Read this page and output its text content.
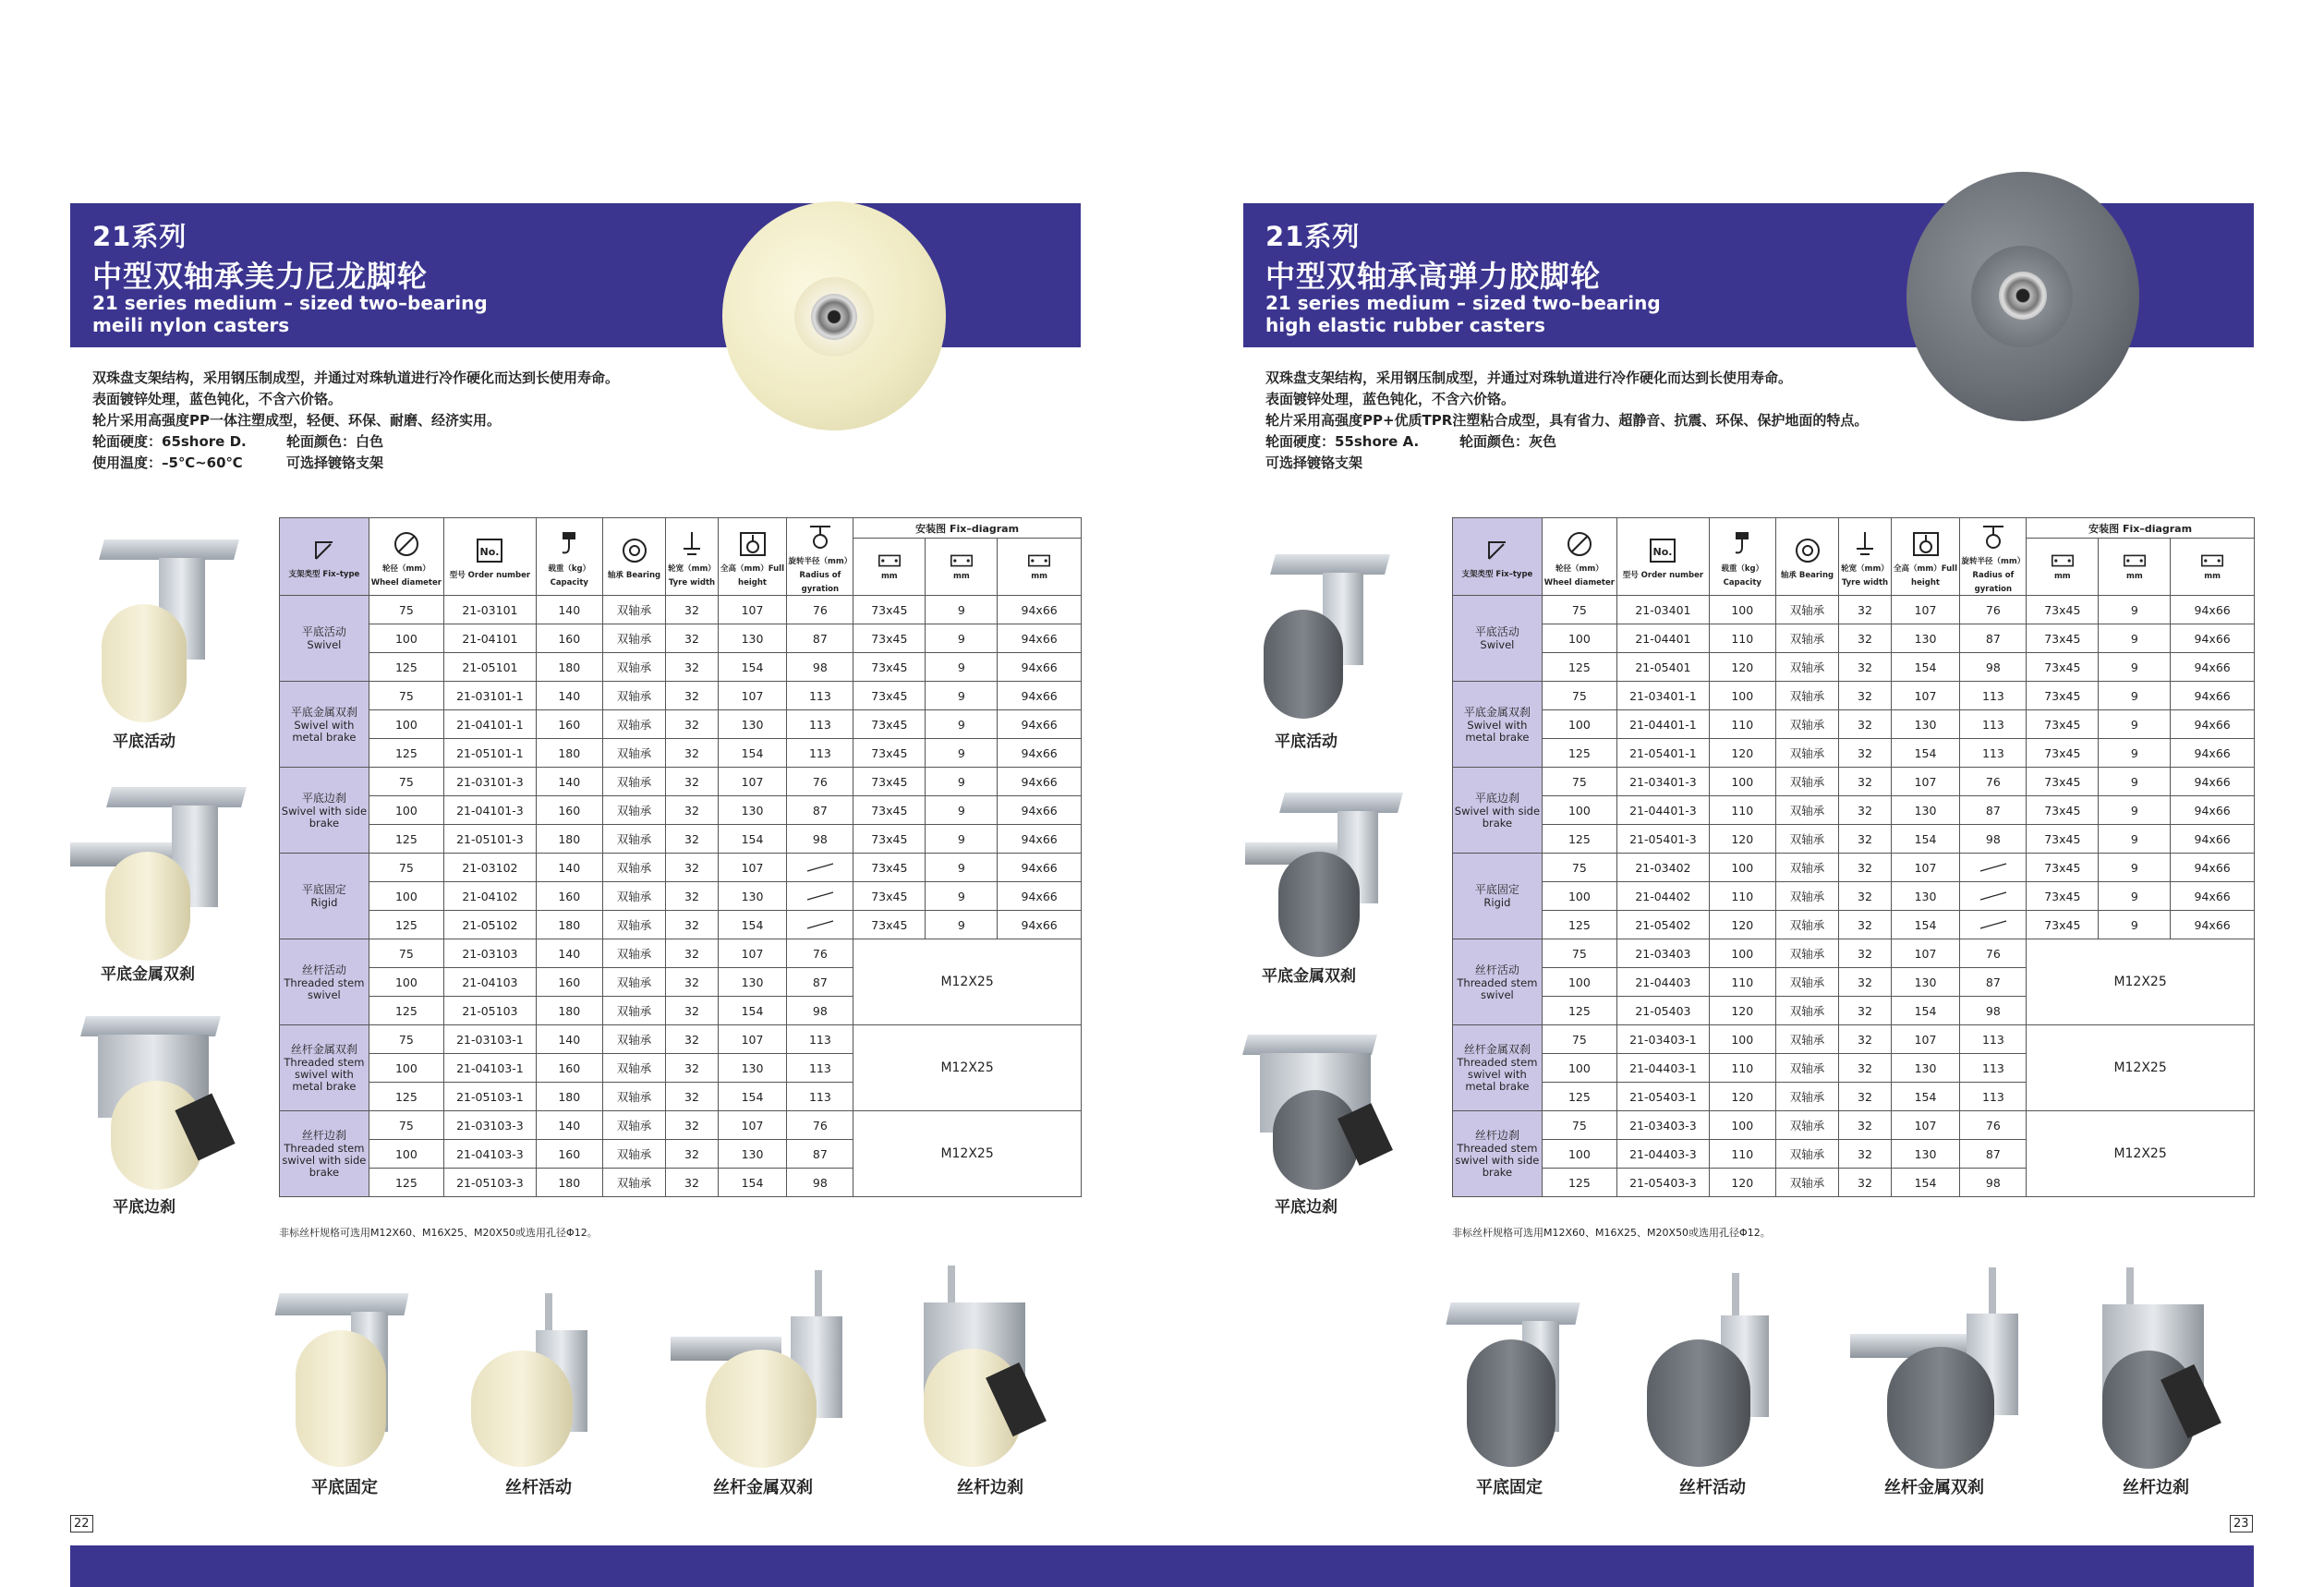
21系列
中型双轴承美力尼龙脚轮
21 series medium – sized two–bearing meili nylon casters
双珠盘支架结构，采用钢压制成型，并通过对珠轨道进行冷作硬化而达到长使用寿命。
表面镀锌处理，蓝色钝化，不含六价铬。
轮片采用高强度PP一体注塑成型，轻便、环保、耐磨、经济实用。
轮面硬度：65shore D.	轮面颜色：白色
使用温度：–5℃~60℃	可选择镀铬支架
平底活动
平底金属双刹
平底边刹
支架类型 Fix–type	轮径（mm）Wheel diameter	No.
型号 Order number	载重（kg）Capacity	轴承 Bearing	轮宽（mm）Tyre width	全高（mm）Full height	旋转半径（mm）Radius of gyration	安装图 Fix–diagram		

mm	mm	mm

平底活动
Swivel	75	21-03101	140	双轴承	32	107	76	73x45	9	94x66
	100	21-04101	160	双轴承	32	130	87	73x45	9	94x66
	125	21-05101	180	双轴承	32	154	98	73x45	9	94x66

平底金属双刹
Swivel with metal brake	75	21-03101-1	140	双轴承	32	107	113	73x45	9	94x66
	100	21-04101-1	160	双轴承	32	130	113	73x45	9	94x66
	125	21-05101-1	180	双轴承	32	154	113	73x45	9	94x66

平底边刹
Swivel with side brake	75	21-03101-3	140	双轴承	32	107	76	73x45	9	94x66
	100	21-04101-3	160	双轴承	32	130	87	73x45	9	94x66
	125	21-05101-3	180	双轴承	32	154	98	73x45	9	94x66

平底固定
Rigid	75	21-03102	140	双轴承	32	107		73x45	9	94x66
	100	21-04102	160	双轴承	32	130		73x45	9	94x66
	125	21-05102	180	双轴承	32	154		73x45	9	94x66

丝杆活动
Threaded stem swivel	75	21-03103	140	双轴承	32	107	76	M12X25		
	100	21-04103	160	双轴承	32	130	87			
	125	21-05103	180	双轴承	32	154	98			

丝杆金属双刹
Threaded stem swivel with metal brake	75	21-03103-1	140	双轴承	32	107	113	M12X25		
	100	21-04103-1	160	双轴承	32	130	113			
	125	21-05103-1	180	双轴承	32	154	113			

丝杆边刹
Threaded stem swivel with side brake	75	21-03103-3	140	双轴承	32	107	76	M12X25		
	100	21-04103-3	160	双轴承	32	130	87			
	125	21-05103-3	180	双轴承	32	154	98			
非标丝杆规格可选用M12X60、M16X25、M20X50或选用孔径Φ12。
平底固定	丝杆活动	丝杆金属双刹	丝杆边刹
22
21系列
中型双轴承高弹力胶脚轮
21 series medium – sized two–bearing high elastic rubber casters
双珠盘支架结构，采用钢压制成型，并通过对珠轨道进行冷作硬化而达到长使用寿命。
表面镀锌处理，蓝色钝化，不含六价铬。
轮片采用高强度PP+优质TPR注塑粘合成型，具有省力、超静音、抗震、环保、保护地面的特点。
轮面硬度：55shore A.	轮面颜色：灰色
可选择镀铬支架
平底活动
平底金属双刹
平底边刹
支架类型 Fix–type	轮径（mm）Wheel diameter	No.
型号 Order number	载重（kg）Capacity	轴承 Bearing	轮宽（mm）Tyre width	全高（mm）Full height	旋转半径（mm）Radius of gyration	安装图 Fix–diagram		

mm	mm	mm

平底活动
Swivel	75	21-03401	100	双轴承	32	107	76	73x45	9	94x66
	100	21-04401	110	双轴承	32	130	87	73x45	9	94x66
	125	21-05401	120	双轴承	32	154	98	73x45	9	94x66

平底金属双刹
Swivel with metal brake	75	21-03401-1	100	双轴承	32	107	113	73x45	9	94x66
	100	21-04401-1	110	双轴承	32	130	113	73x45	9	94x66
	125	21-05401-1	120	双轴承	32	154	113	73x45	9	94x66

平底边刹
Swivel with side brake	75	21-03401-3	100	双轴承	32	107	76	73x45	9	94x66
	100	21-04401-3	110	双轴承	32	130	87	73x45	9	94x66
	125	21-05401-3	120	双轴承	32	154	98	73x45	9	94x66

平底固定
Rigid	75	21-03402	100	双轴承	32	107		73x45	9	94x66
	100	21-04402	110	双轴承	32	130		73x45	9	94x66
	125	21-05402	120	双轴承	32	154		73x45	9	94x66

丝杆活动
Threaded stem swivel	75	21-03403	100	双轴承	32	107	76	M12X25		
	100	21-04403	110	双轴承	32	130	87			
	125	21-05403	120	双轴承	32	154	98			

丝杆金属双刹
Threaded stem swivel with metal brake	75	21-03403-1	100	双轴承	32	107	113	M12X25		
	100	21-04403-1	110	双轴承	32	130	113			
	125	21-05403-1	120	双轴承	32	154	113			

丝杆边刹
Threaded stem swivel with side brake	75	21-03403-3	100	双轴承	32	107	76	M12X25		
	100	21-04403-3	110	双轴承	32	130	87			
	125	21-05403-3	120	双轴承	32	154	98			
非标丝杆规格可选用M12X60、M16X25、M20X50或选用孔径Φ12。
平底固定	丝杆活动	丝杆金属双刹	丝杆边刹
23
